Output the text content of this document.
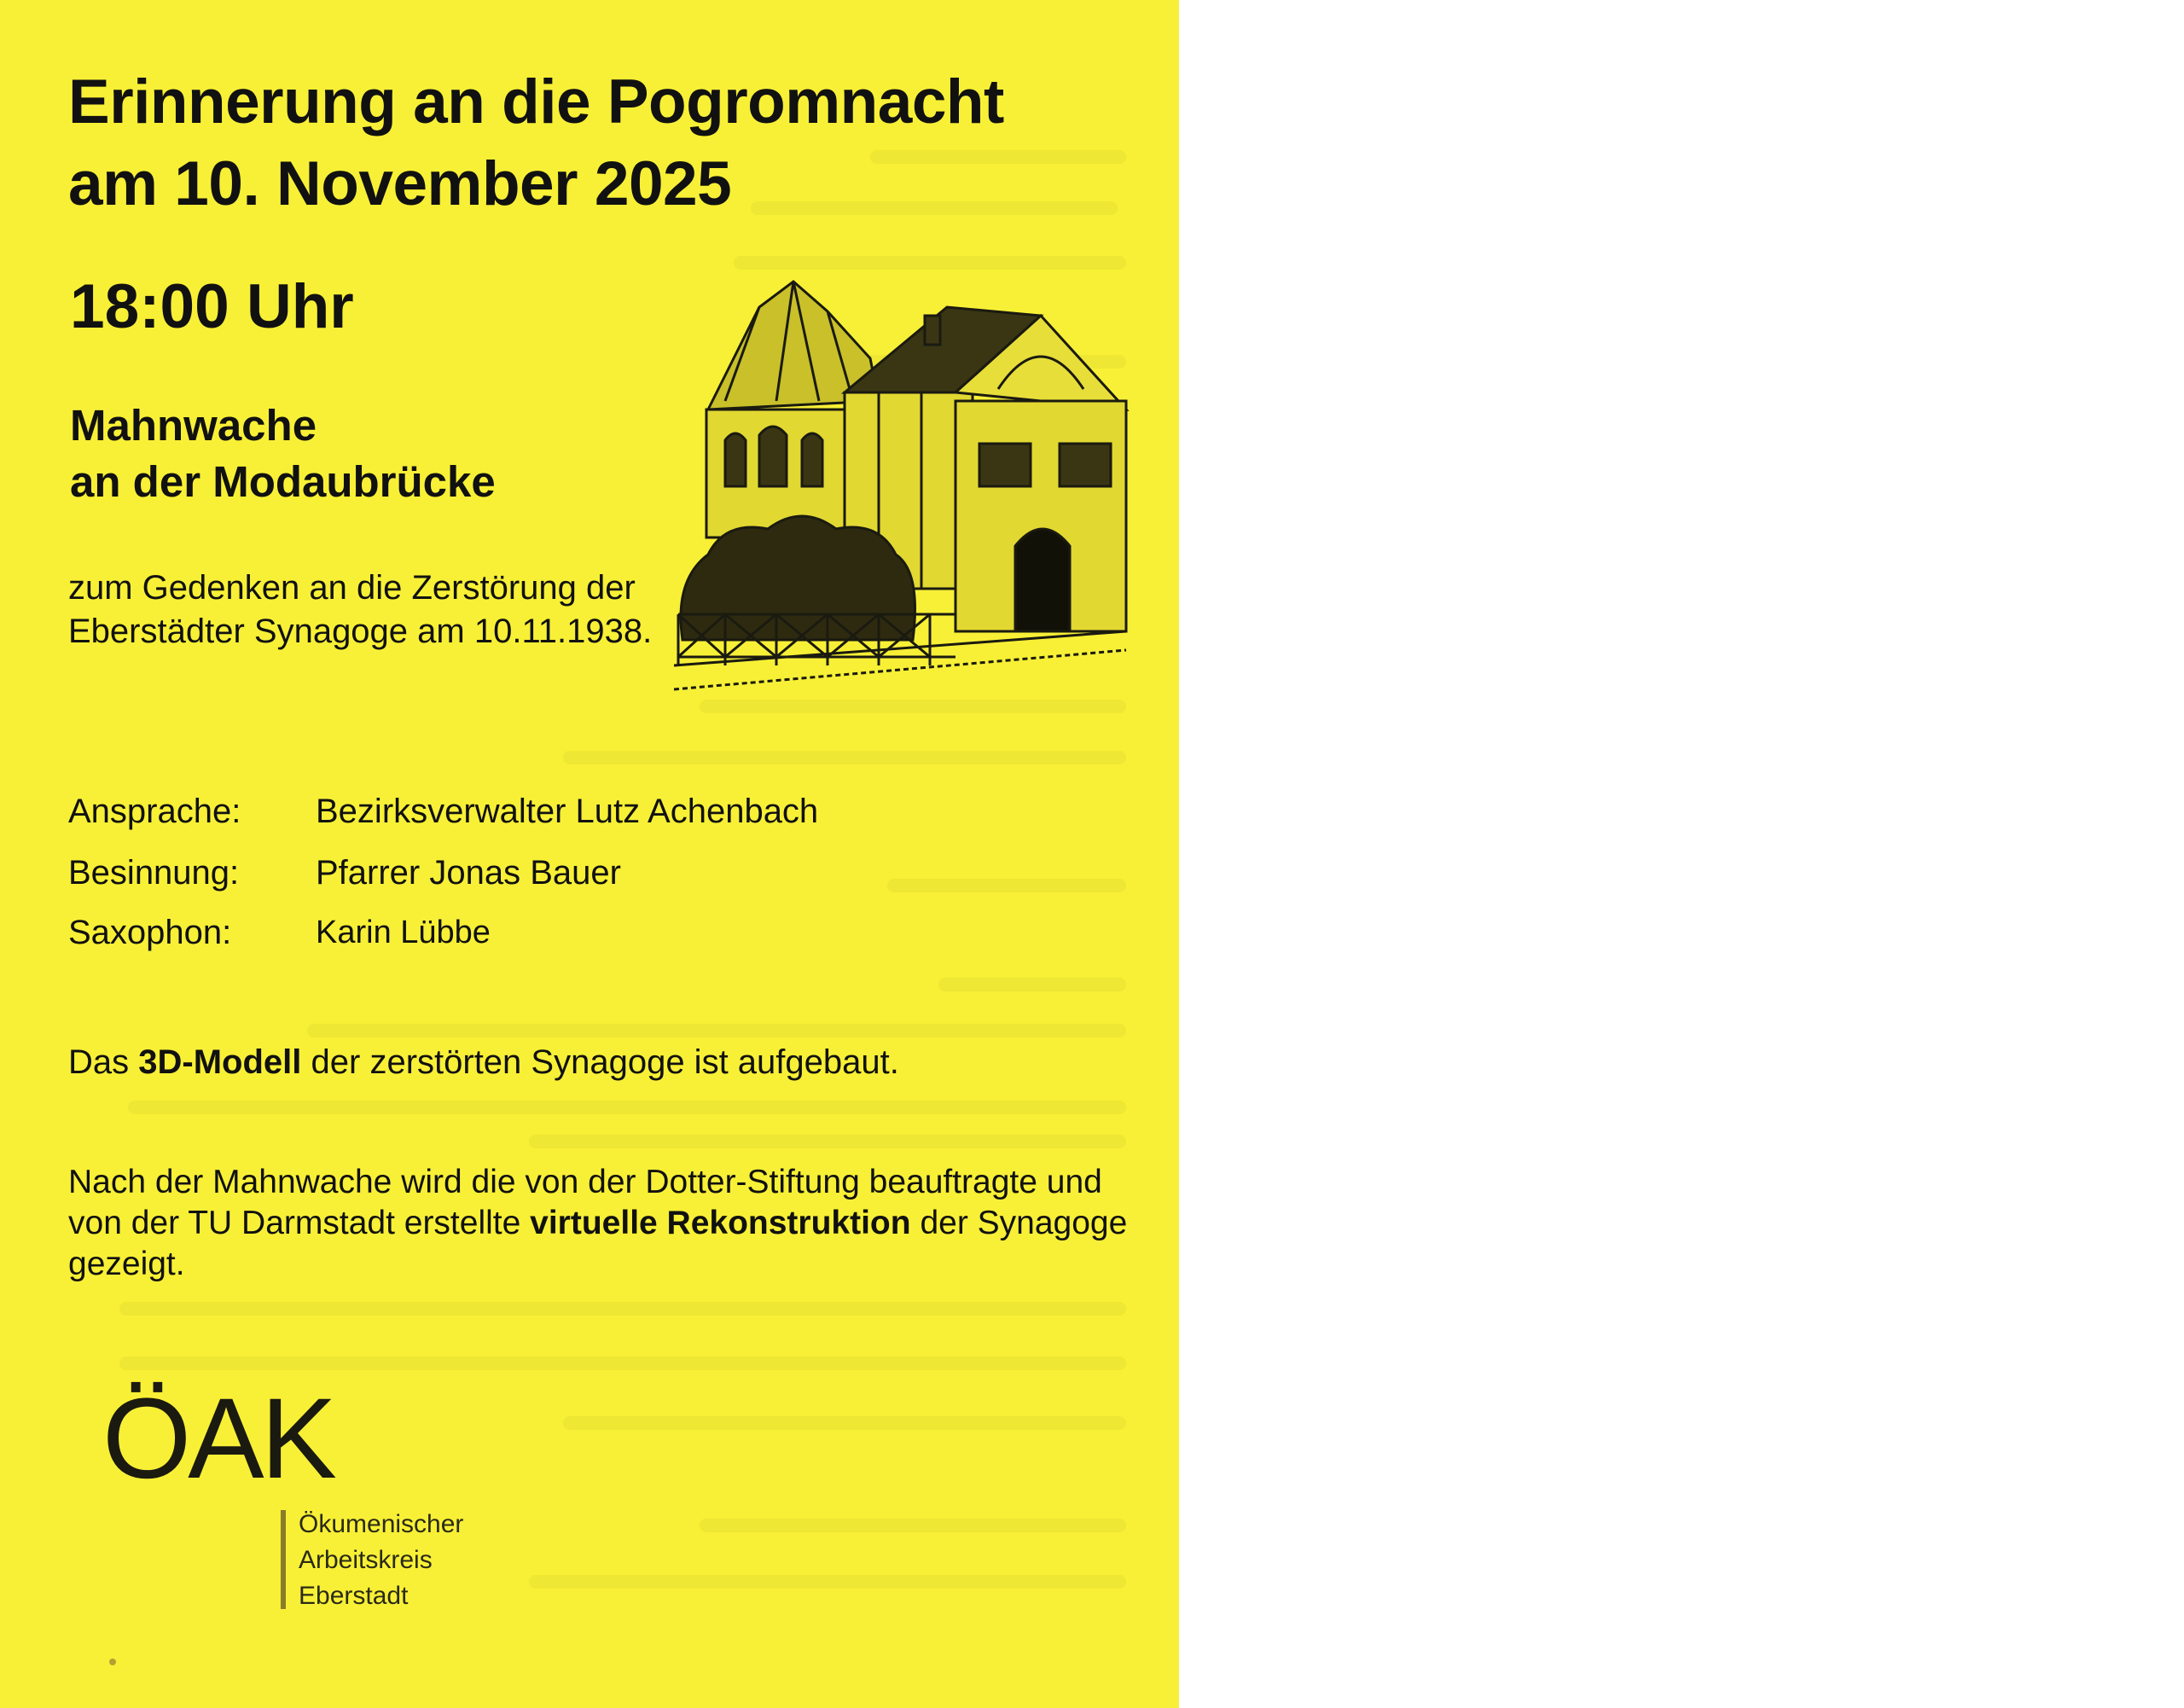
Erinnerung an die Pogromnacht
am 10. November 2025
18:00 Uhr
Mahnwache
an der Modaubrücke
zum Gedenken an die Zerstörung der Eberstädter Synagoge am 10.11.1938.
Ansprache: Bezirksverwalter Lutz Achenbach
Besinnung: Pfarrer Jonas Bauer
Saxophon:	Karin Lübbe
Das 3D-Modell der zerstörten Synagoge ist aufgebaut.
Nach der Mahnwache wird die von der Dotter-Stiftung beauftragte und von der TU Darmstadt erstellte virtuelle Rekonstruktion der Synagoge gezeigt.
ÖAK
Ökumenischer
Arbeitskreis
Eberstadt
